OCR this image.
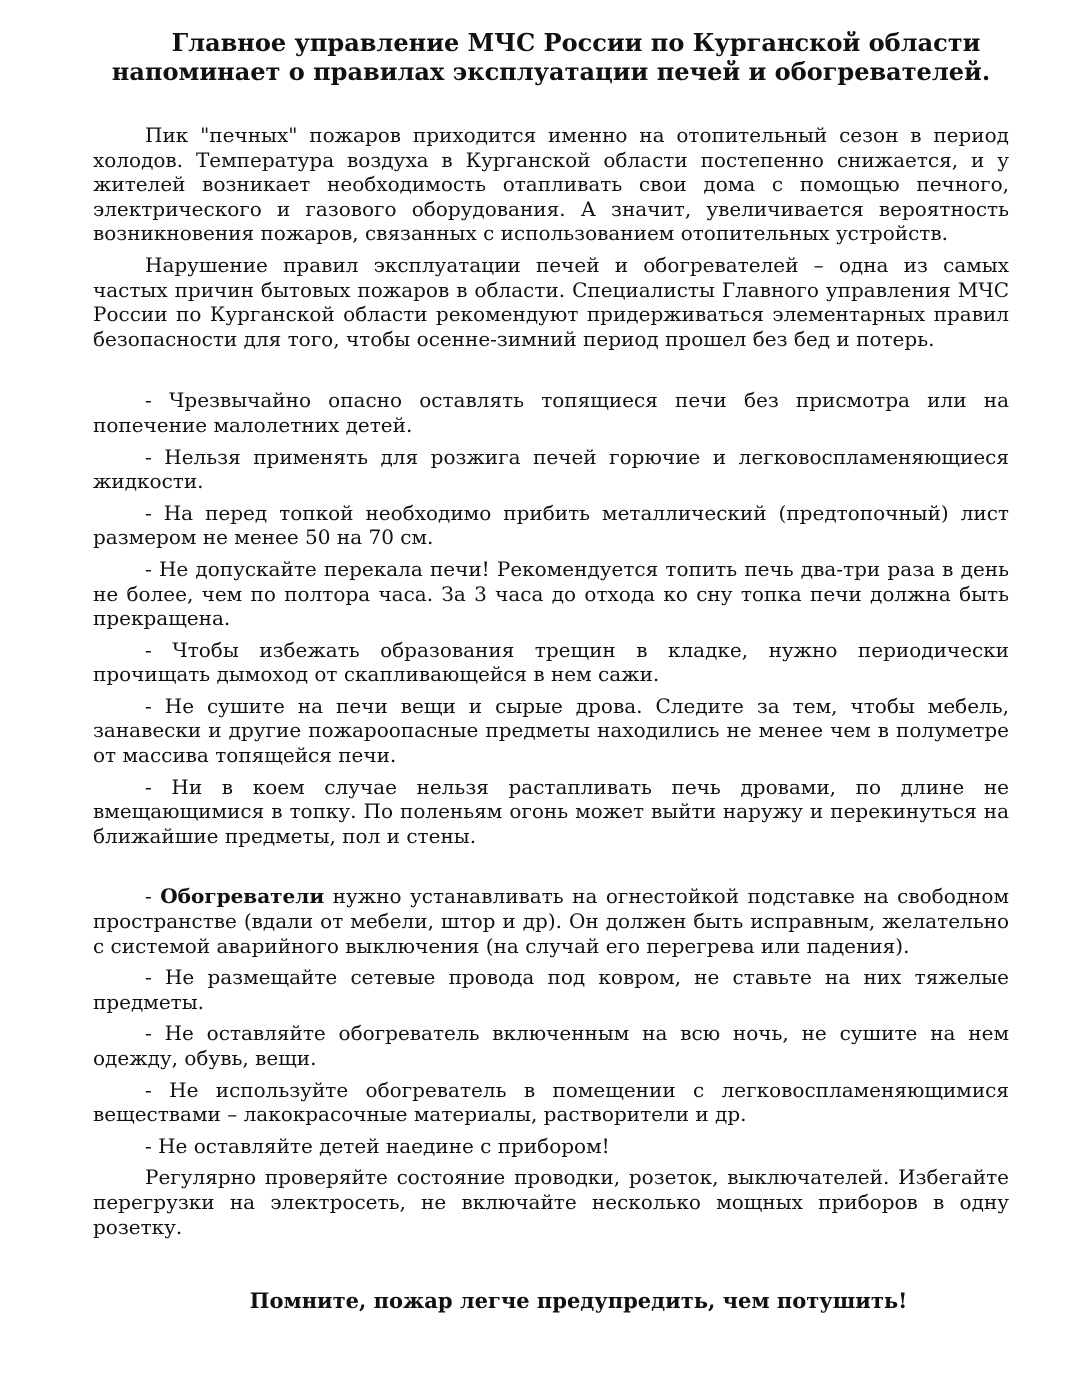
Главное управление МЧС России по Курганской области
напоминает о правилах эксплуатации печей и обогревателей.

Пик "печных" пожаров приходится именно на отопительный сезон в период холодов. Температура воздуха в Курганской области постепенно снижается, и у жителей возникает необходимость отапливать свои дома с помощью печного, электрического и газового оборудования. А значит, увеличивается вероятность возникновения пожаров, связанных с использованием отопительных устройств.

Нарушение правил эксплуатации печей и обогревателей – одна из самых частых причин бытовых пожаров в области. Специалисты Главного управления МЧС России по Курганской области рекомендуют придерживаться элементарных правил безопасности для того, чтобы осенне-зимний период прошел без бед и потерь.

- Чрезвычайно опасно оставлять топящиеся печи без присмотра или на попечение малолетних детей.

- Нельзя применять для розжига печей горючие и легковоспламеняющиеся жидкости.

- На перед топкой необходимо прибить металлический (предтопочный) лист размером не менее 50 на 70 см.

- Не допускайте перекала печи! Рекомендуется топить печь два-три раза в день не более, чем по полтора часа. За 3 часа до отхода ко сну топка печи должна быть прекращена.

- Чтобы избежать образования трещин в кладке, нужно периодически прочищать дымоход от скапливающейся в нем сажи.

- Не сушите на печи вещи и сырые дрова. Следите за тем, чтобы мебель, занавески и другие пожароопасные предметы находились не менее чем в полуметре от массива топящейся печи.

- Ни в коем случае нельзя растапливать печь дровами, по длине не вмещающимися в топку. По поленьям огонь может выйти наружу и перекинуться на ближайшие предметы, пол и стены.

- Обогреватели нужно устанавливать на огнестойкой подставке на свободном пространстве (вдали от мебели, штор и др). Он должен быть исправным, желательно с системой аварийного выключения (на случай его перегрева или падения).

- Не размещайте сетевые провода под ковром, не ставьте на них тяжелые предметы.

- Не оставляйте обогреватель включенным на всю ночь, не сушите на нем одежду, обувь, вещи.

- Не используйте обогреватель в помещении с легковоспламеняющимися веществами – лакокрасочные материалы, растворители и др.

- Не оставляйте детей наедине с прибором!

Регулярно проверяйте состояние проводки, розеток, выключателей. Избегайте перегрузки на электросеть, не включайте несколько мощных приборов в одну розетку.

Помните, пожар легче предупредить, чем потушить!
